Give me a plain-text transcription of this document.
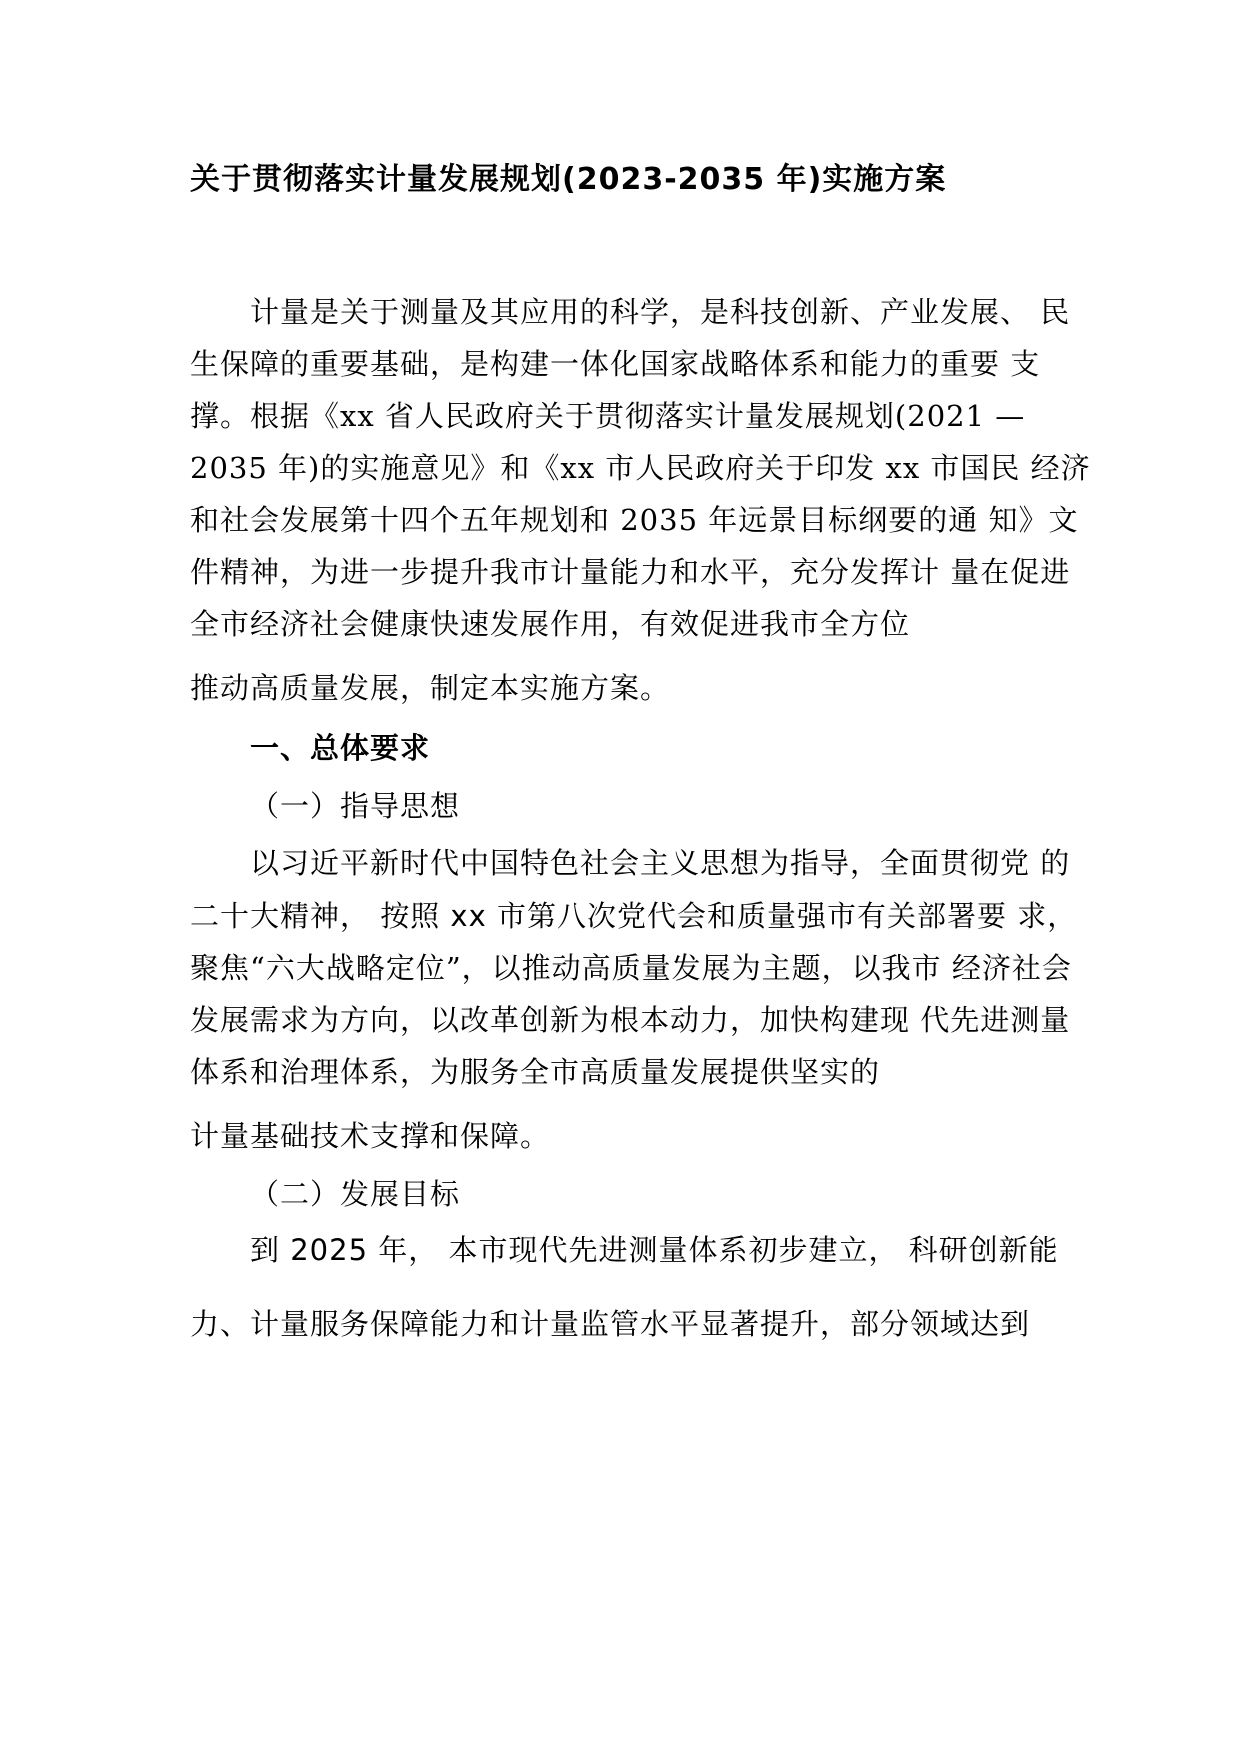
关于贯彻落实计量发展规划(2023-2035 年)实施方案
计量是关于测量及其应用的科学，是科技创新、产业发展、 民
生保障的重要基础，是构建一体化国家战略体系和能力的重要 支
撑。根据《xx 省人民政府关于贯彻落实计量发展规划(2021 —
2035 年)的实施意见》和《xx 市人民政府关于印发 xx 市国民 经济
和社会发展第十四个五年规划和 2035 年远景目标纲要的通 知》文
件精神，为进一步提升我市计量能力和水平，充分发挥计 量在促进
全市经济社会健康快速发展作用，有效促进我市全方位
推动高质量发展，制定本实施方案。
一、总体要求
（一）指导思想
以习近平新时代中国特色社会主义思想为指导，全面贯彻党 的
二十大精神， 按照 xx 市第八次党代会和质量强市有关部署要 求，
聚焦“六大战略定位”，以推动高质量发展为主题，以我市 经济社会
发展需求为方向，以改革创新为根本动力，加快构建现 代先进测量
体系和治理体系，为服务全市高质量发展提供坚实的
计量基础技术支撑和保障。
（二）发展目标
到 2025 年， 本市现代先进测量体系初步建立， 科研创新能
力、计量服务保障能力和计量监管水平显著提升，部分领域达到
